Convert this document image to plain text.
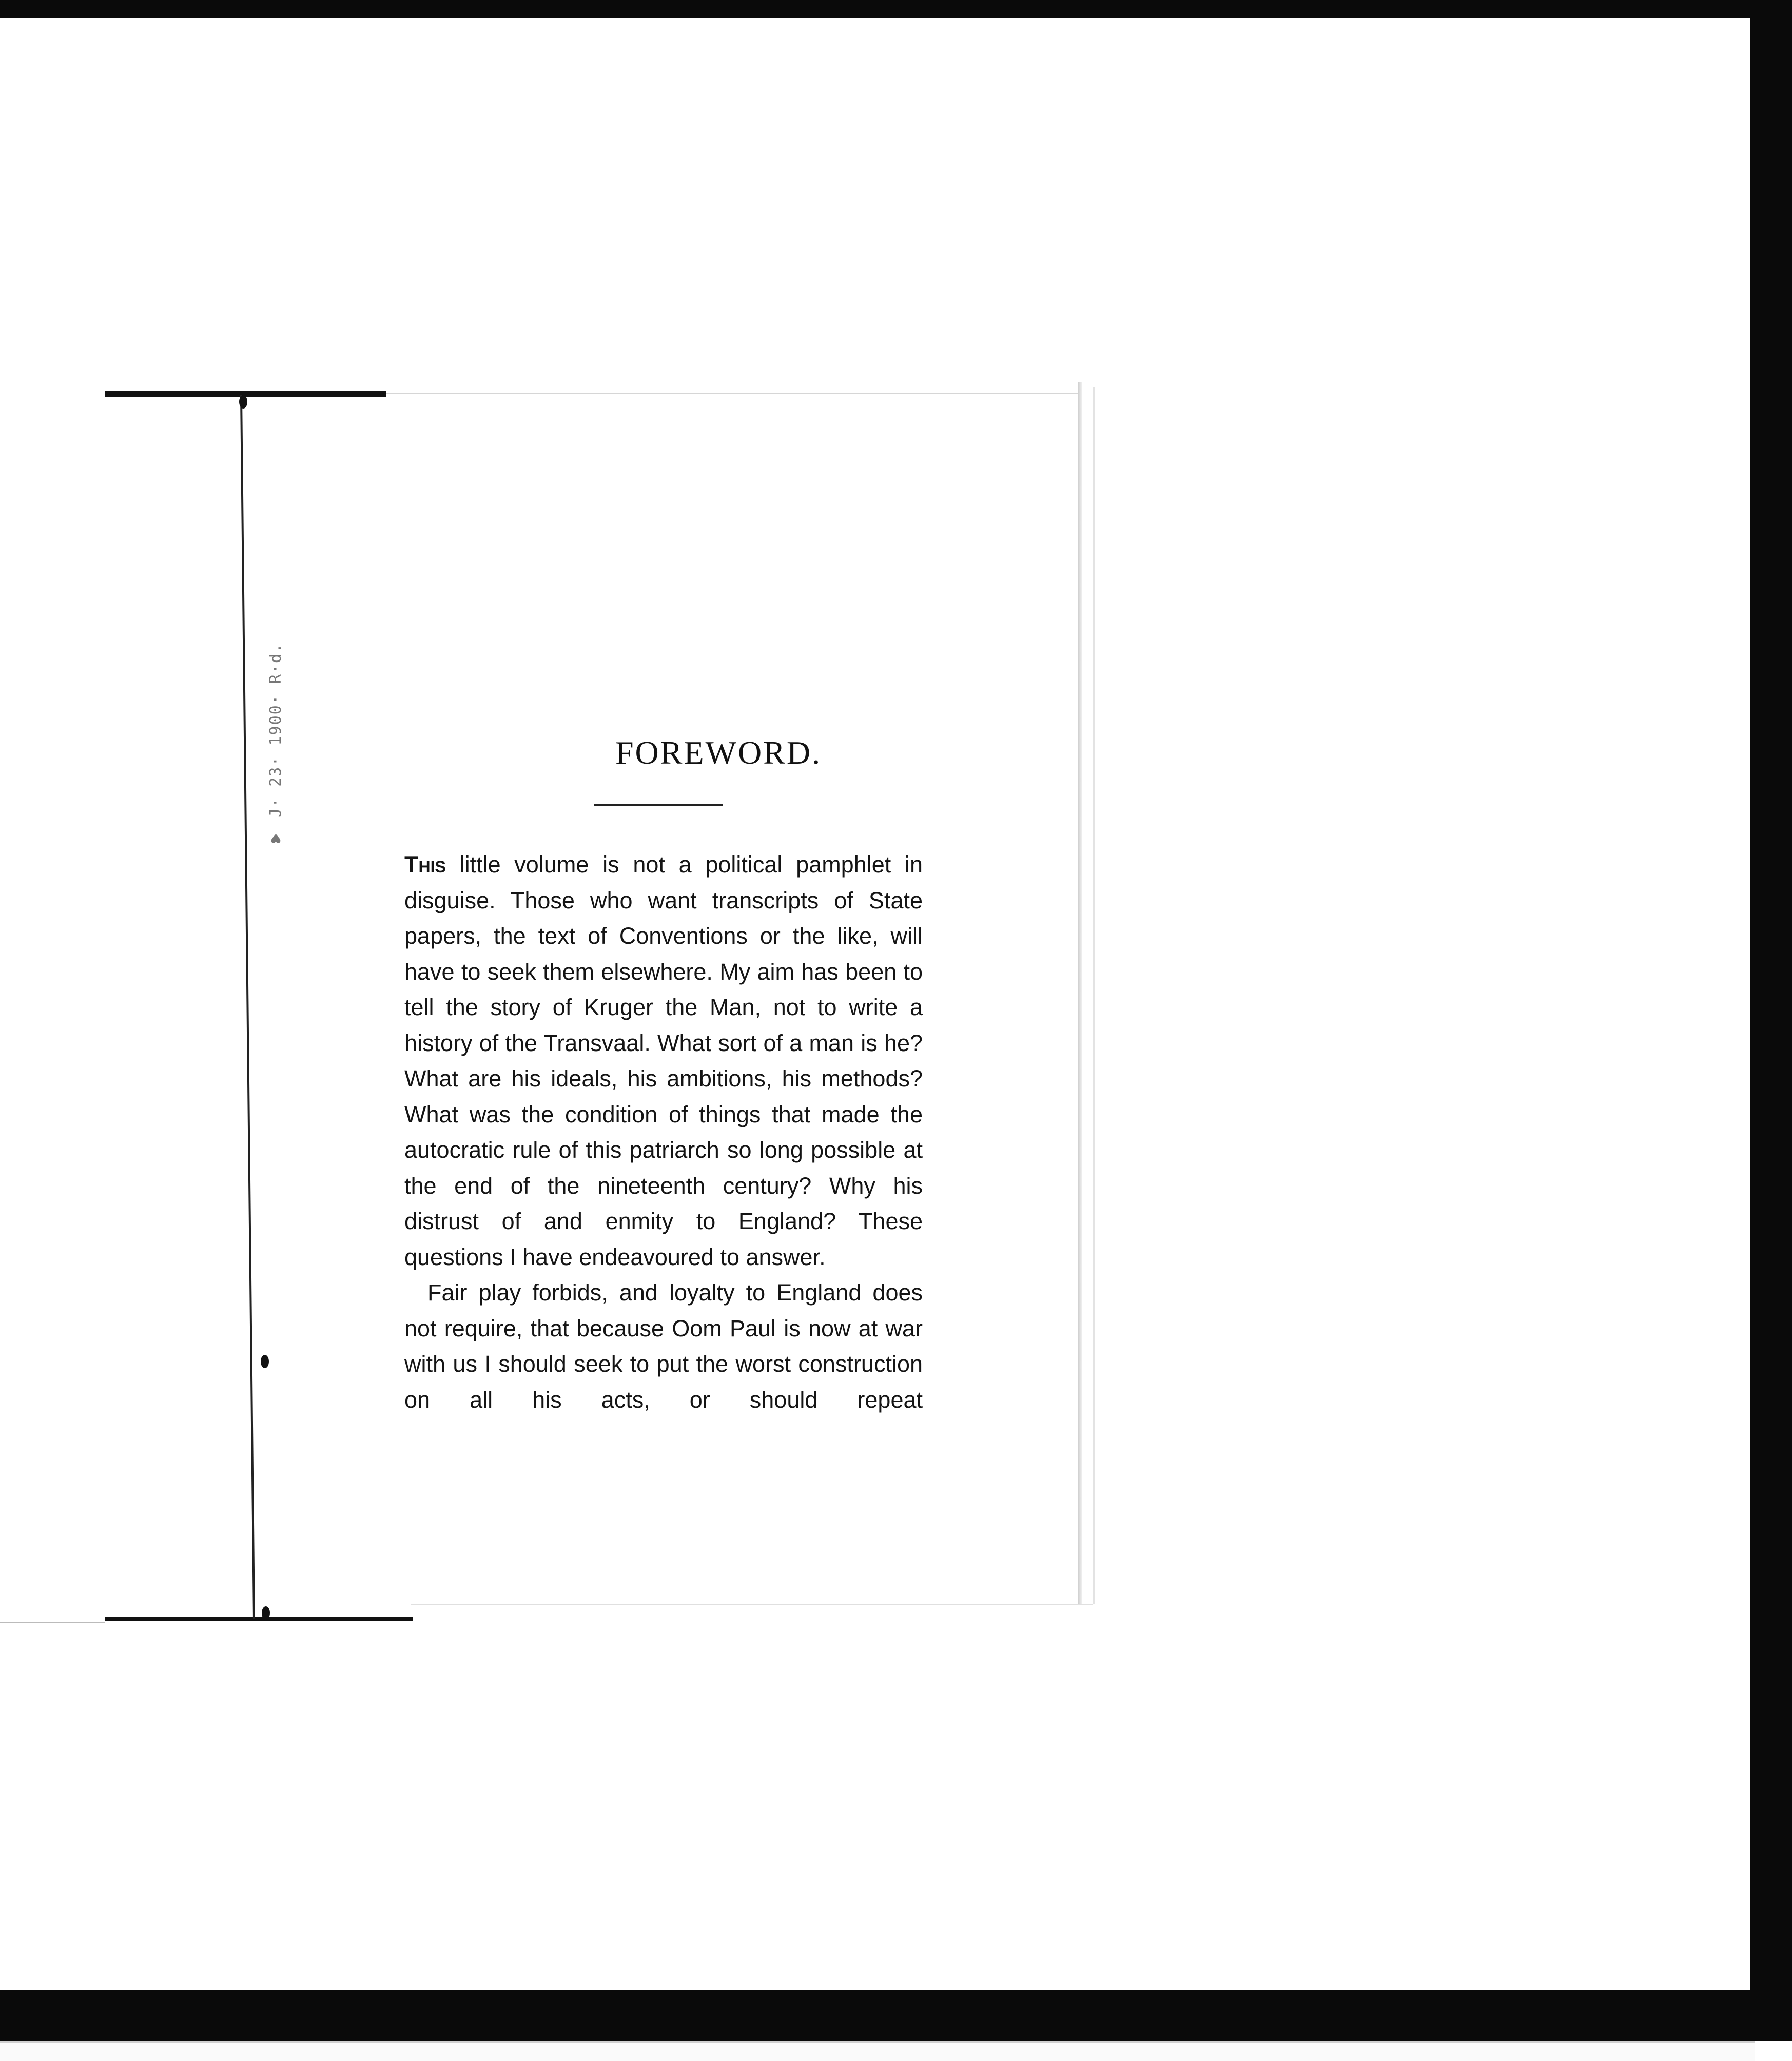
♥ J· 23· 1900· R·d.	FOREWORD.

This little volume is not a political pamphlet in disguise. Those who want transcripts of State papers, the text of Conventions or the like, will have to seek them elsewhere. My aim has been to tell the story of Kruger the Man, not to write a history of the Transvaal. What sort of a man is he? What are his ideals, his ambitions, his methods? What was the condition of things that made the autocratic rule of this patriarch so long possible at the end of the nineteenth century? Why his distrust of and enmity to England? These questions I have endeavoured to answer.

Fair play forbids, and loyalty to England does not require, that because Oom Paul is now at war with us I should seek to put the worst construction on all his acts, or should repeat
